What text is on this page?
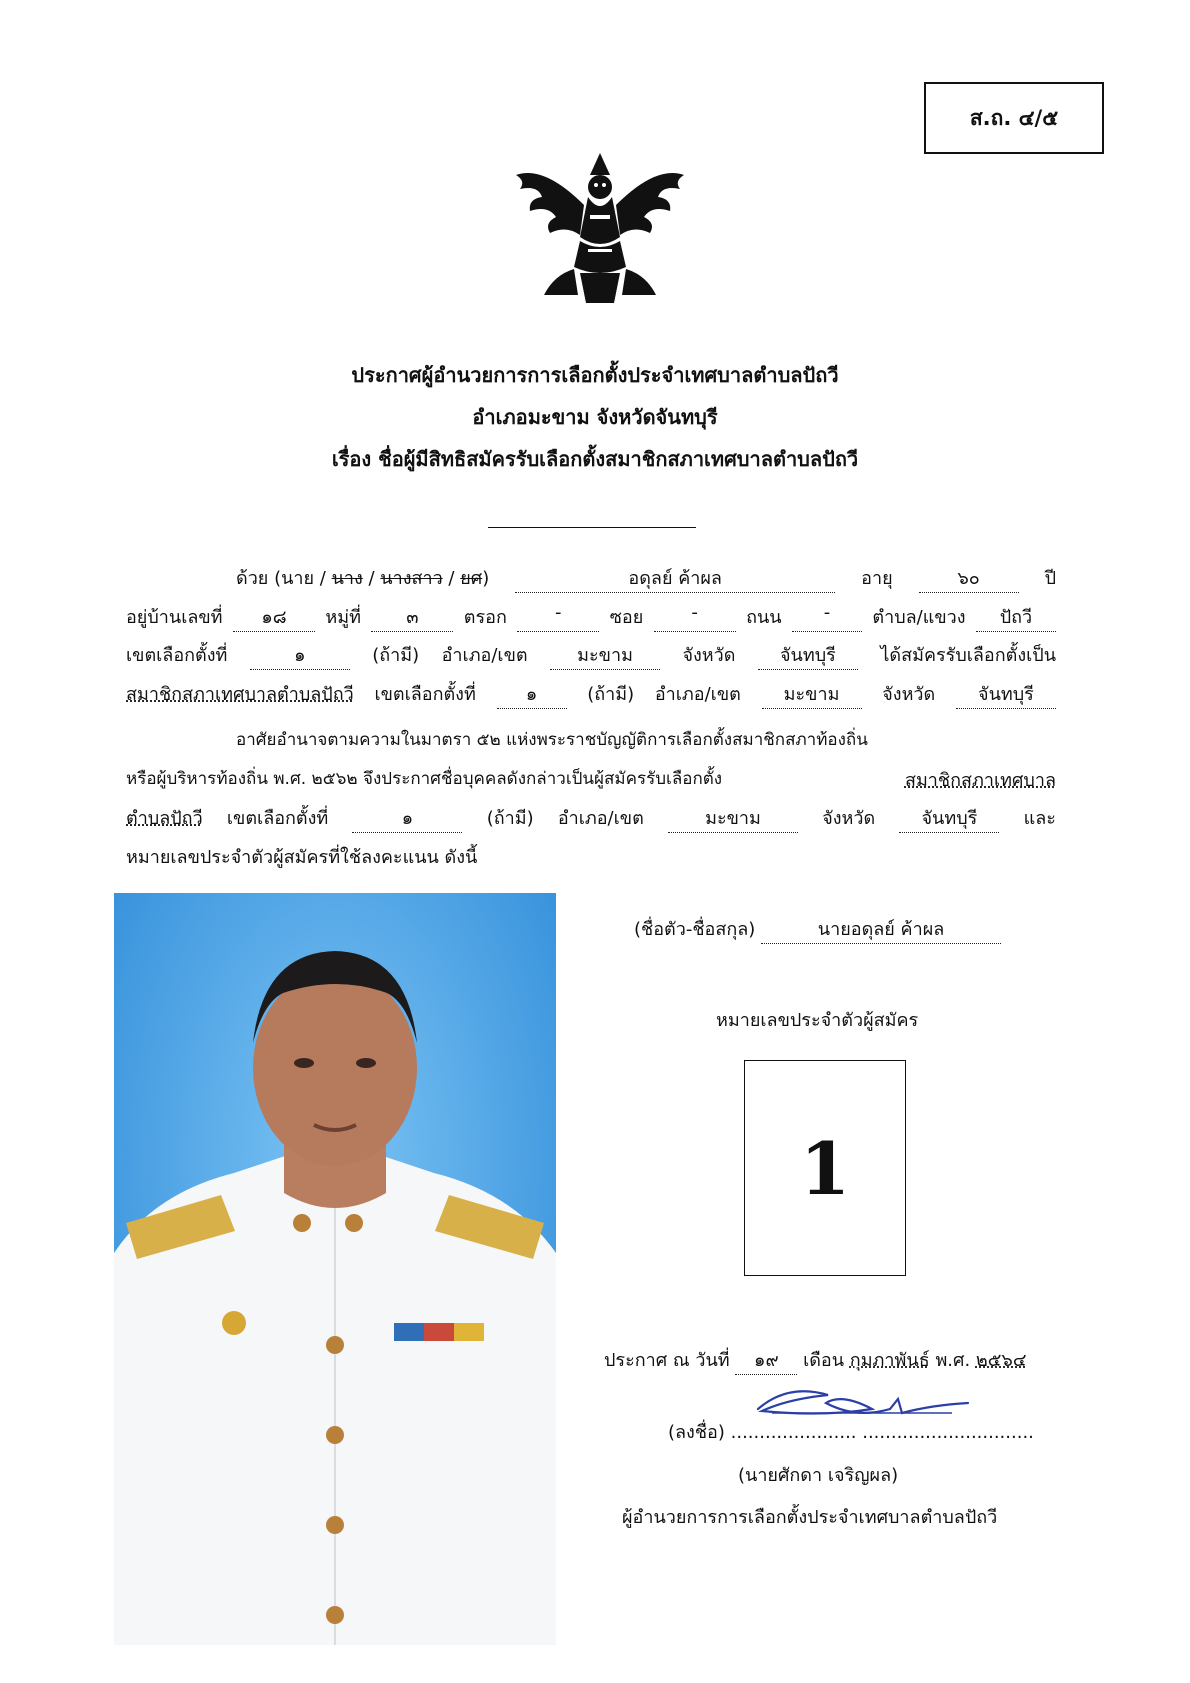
ส.ถ. ๔/๕
ประกาศผู้อำนวยการการเลือกตั้งประจำเทศบาลตำบลปัถวี
อำเภอมะขาม จังหวัดจันทบุรี
เรื่อง ชื่อผู้มีสิทธิสมัครรับเลือกตั้งสมาชิกสภาเทศบาลตำบลปัถวี
ด้วย (นาย / นาง / นางสาว / ยศ)	อดุลย์ ค้าผล	อายุ	๖๐	ปี
อยู่บ้านเลขที่	๑๘	หมู่ที่	๓	ตรอก	-	ซอย	-	ถนน	-	ตำบล/แขวง	ปัถวี
เขตเลือกตั้งที่	๑	(ถ้ามี) อำเภอ/เขต	มะขาม	จังหวัด	จันทบุรี	ได้สมัครรับเลือกตั้งเป็น
สมาชิกสภาเทศบาลตำบลปัถวี เขตเลือกตั้งที่	๑	(ถ้ามี) อำเภอ/เขต	มะขาม	จังหวัด	จันทบุรี
อาศัยอำนาจตามความในมาตรา ๕๒ แห่งพระราชบัญญัติการเลือกตั้งสมาชิกสภาท้องถิ่น
หรือผู้บริหารท้องถิ่น พ.ศ. ๒๕๖๒ จึงประกาศชื่อบุคคลดังกล่าวเป็นผู้สมัครรับเลือกตั้ง	สมาชิกสภาเทศบาล
ตำบลปัถวี เขตเลือกตั้งที่	๑	(ถ้ามี) อำเภอ/เขต	มะขาม	จังหวัด	จันทบุรี	และ
หมายเลขประจำตัวผู้สมัครที่ใช้ลงคะแนน ดังนี้
(ชื่อตัว-ชื่อสกุล)	นายอดุลย์ ค้าผล
หมายเลขประจำตัวผู้สมัคร
1
ประกาศ ณ วันที่ ๑๙ เดือน กุมภาพันธ์ พ.ศ. ๒๕๖๔
(ลงชื่อ) ...................... ..............................
(นายศักดา เจริญผล)
ผู้อำนวยการการเลือกตั้งประจำเทศบาลตำบลปัถวี
